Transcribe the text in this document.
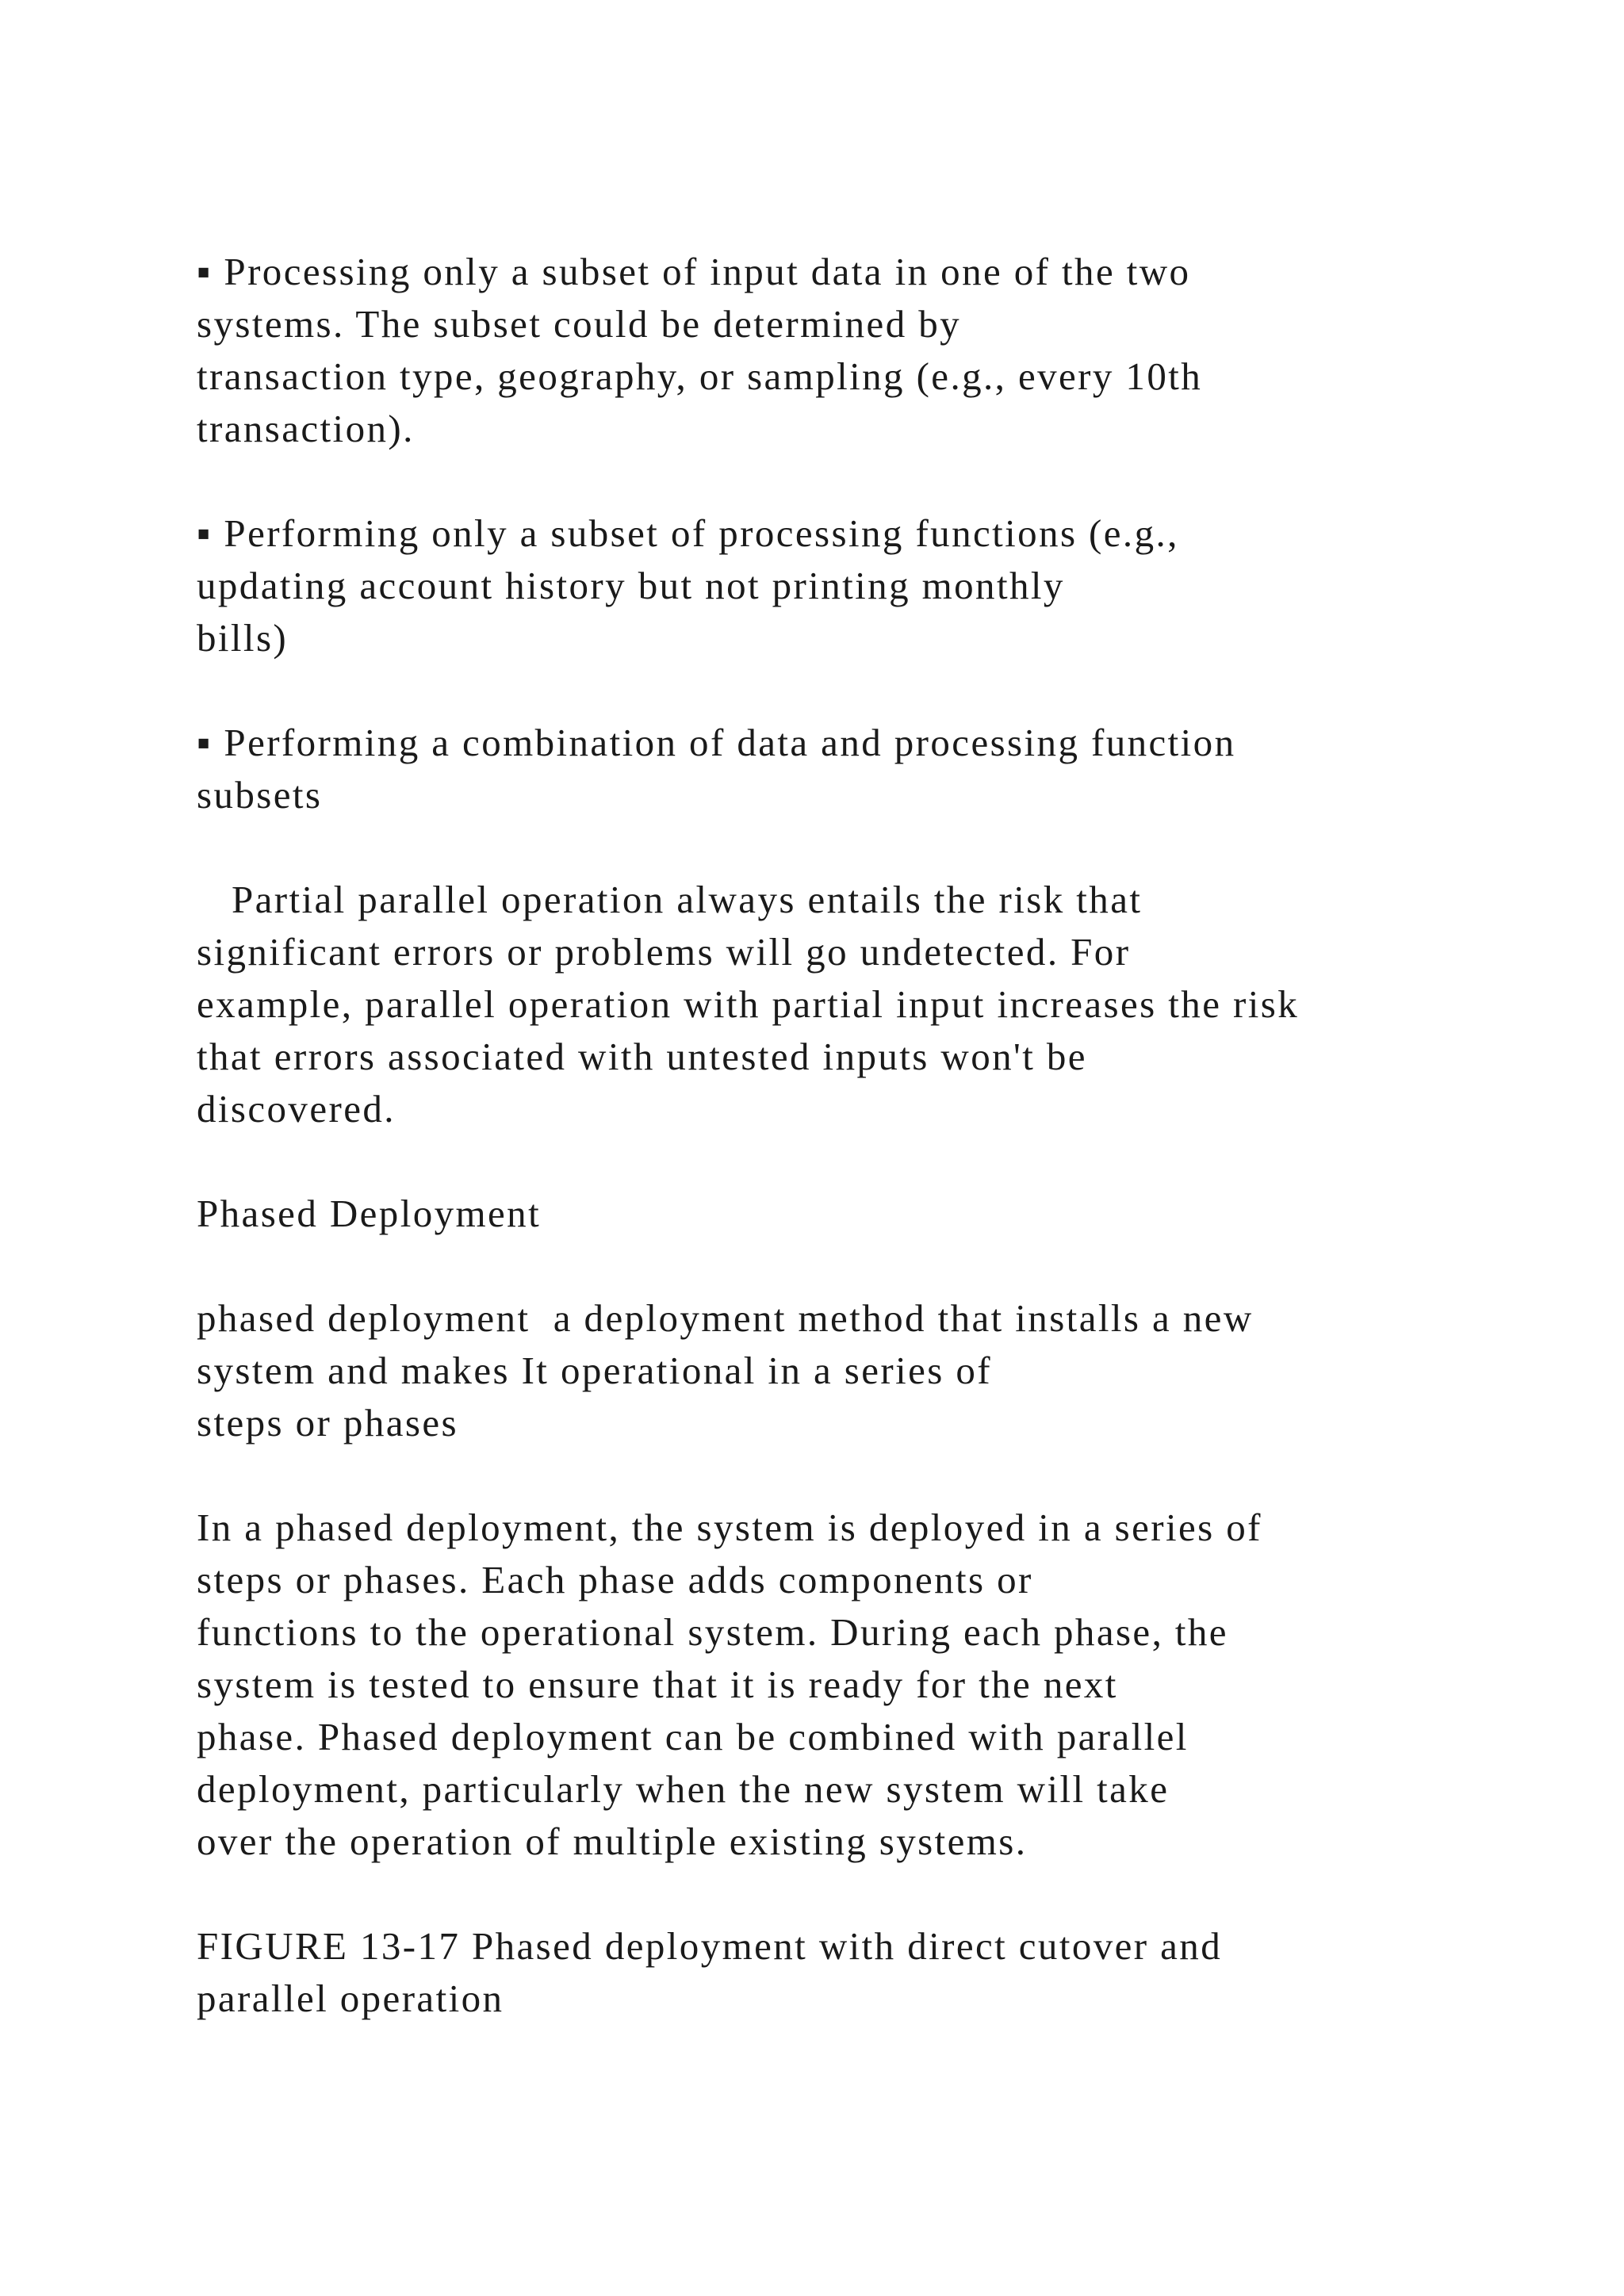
▪ Processing only a subset of input data in one of the two
systems. The subset could be determined by
transaction type, geography, or sampling (e.g., every 10th
transaction).
▪ Performing only a subset of processing functions (e.g.,
updating account history but not printing monthly
bills)
▪ Performing a combination of data and processing function
subsets
Partial parallel operation always entails the risk that
significant errors or problems will go undetected. For
example, parallel operation with partial input increases the risk
that errors associated with untested inputs won't be
discovered.
Phased Deployment
phased deployment  a deployment method that installs a new
system and makes It operational in a series of
steps or phases
In a phased deployment, the system is deployed in a series of
steps or phases. Each phase adds components or
functions to the operational system. During each phase, the
system is tested to ensure that it is ready for the next
phase. Phased deployment can be combined with parallel
deployment, particularly when the new system will take
over the operation of multiple existing systems.
FIGURE 13-17 Phased deployment with direct cutover and
parallel operation
